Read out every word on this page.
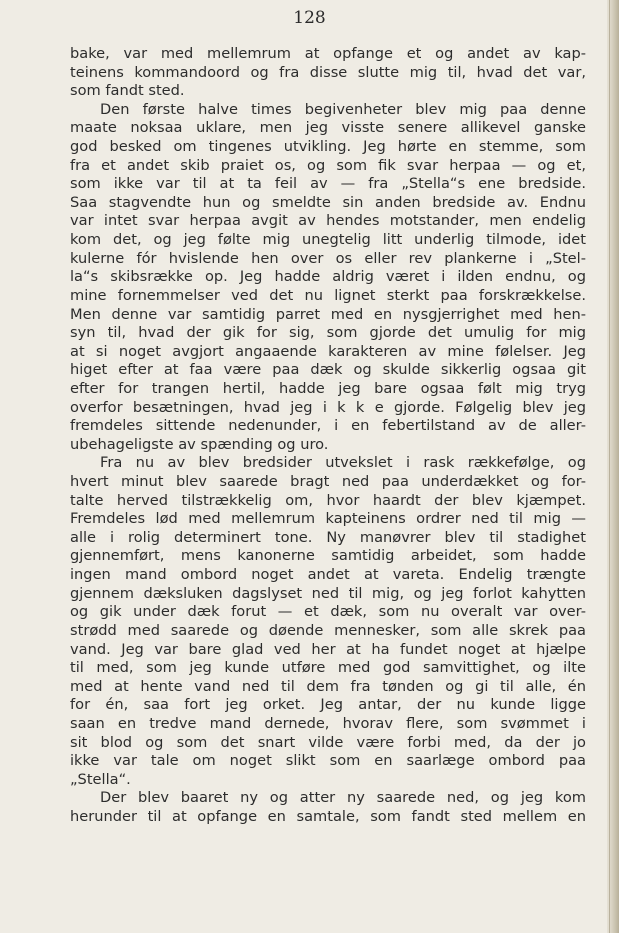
128
bake, var med mellemrum at opfange et og andet av kap-
teinens kommandoord og fra disse slutte mig til, hvad det var,
som fandt sted.
Den første halve times begivenheter blev mig paa denne
maate noksaa uklare, men jeg visste senere allikevel ganske
god besked om tingenes utvikling. Jeg hørte en stemme, som
fra et andet skib praiet os, og som fik svar herpaa — og et,
som ikke var til at ta feil av — fra „Stella“s ene bredside.
Saa stagvendte hun og smeldte sin anden bredside av. Endnu
var intet svar herpaa avgit av hendes motstander, men endelig
kom det, og jeg følte mig unegtelig litt underlig tilmode, idet
kulerne fór hvislende hen over os eller rev plankerne i „Stel-
la“s skibsrække op. Jeg hadde aldrig været i ilden endnu, og
mine fornemmelser ved det nu lignet sterkt paa forskrækkelse.
Men denne var samtidig parret med en nysgjerrighet med hen-
syn til, hvad der gik for sig, som gjorde det umulig for mig
at si noget avgjort angaaende karakteren av mine følelser. Jeg
higet efter at faa være paa dæk og skulde sikkerlig ogsaa git
efter for trangen hertil, hadde jeg bare ogsaa følt mig tryg
overfor besætningen, hvad jeg i k k e gjorde. Følgelig blev jeg
fremdeles sittende nedenunder, i en febertilstand av de aller-
ubehageligste av spænding og uro.
Fra nu av blev bredsider utvekslet i rask rækkefølge, og
hvert minut blev saarede bragt ned paa underdækket og for-
talte herved tilstrækkelig om, hvor haardt der blev kjæmpet.
Fremdeles lød med mellemrum kapteinens ordrer ned til mig —
alle i rolig determinert tone. Ny manøvrer blev til stadighet
gjennemført, mens kanonerne samtidig arbeidet, som hadde
ingen mand ombord noget andet at vareta. Endelig trængte
gjennem dæksluken dagslyset ned til mig, og jeg forlot kahytten
og gik under dæk forut — et dæk, som nu overalt var over-
strødd med saarede og døende mennesker, som alle skrek paa
vand. Jeg var bare glad ved her at ha fundet noget at hjælpe
til med, som jeg kunde utføre med god samvittighet, og ilte
med at hente vand ned til dem fra tønden og gi til alle, én
for én, saa fort jeg orket. Jeg antar, der nu kunde ligge
saan en tredve mand dernede, hvorav flere, som svømmet i
sit blod og som det snart vilde være forbi med, da der jo
ikke var tale om noget slikt som en saarlæge ombord paa
„Stella“.
Der blev baaret ny og atter ny saarede ned, og jeg kom
herunder til at opfange en samtale, som fandt sted mellem en
